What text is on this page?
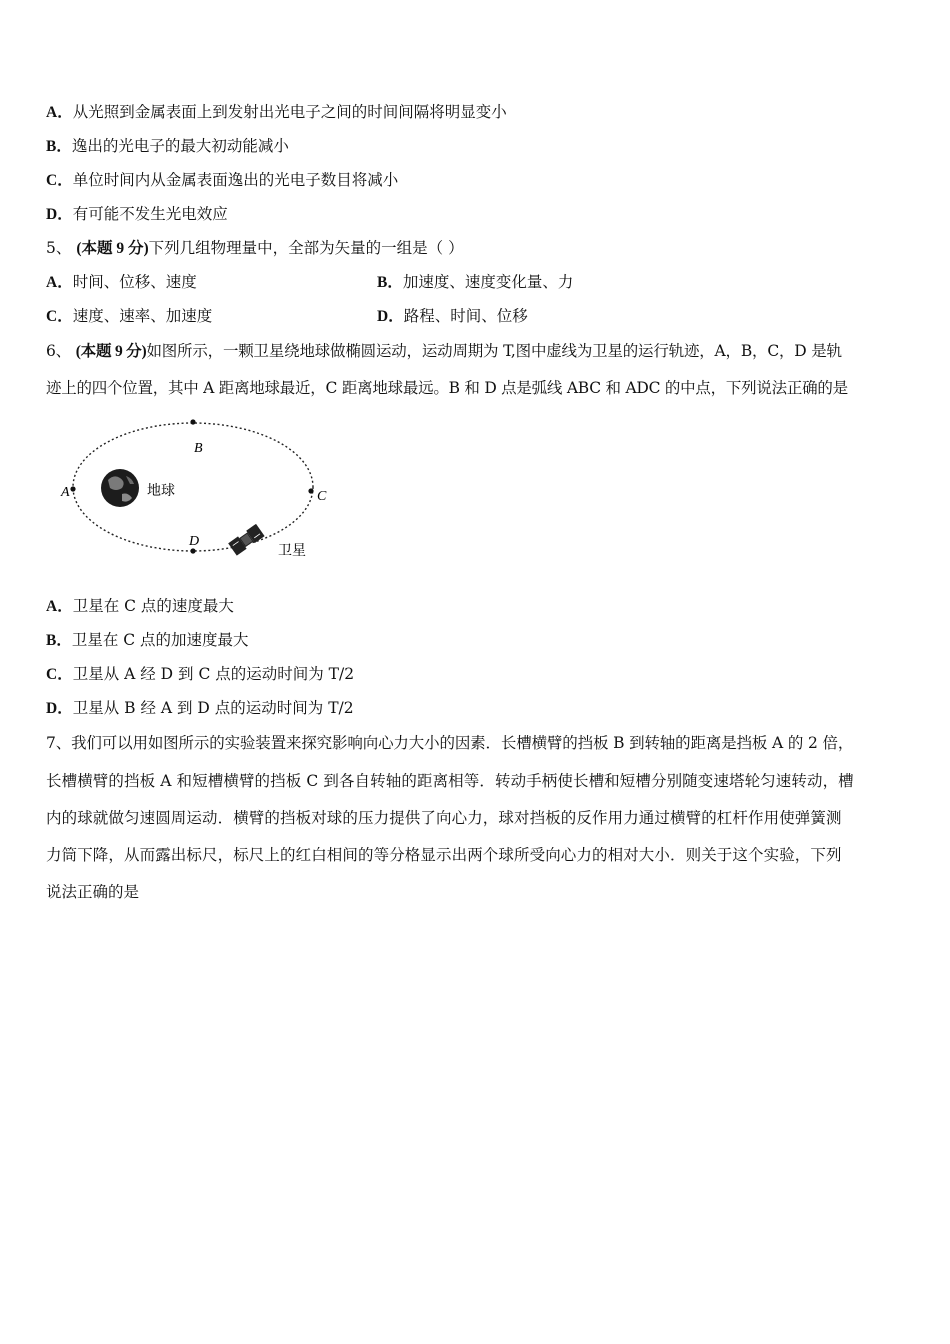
A．从光照到金属表面上到发射出光电子之间的时间间隔将明显变小
B．逸出的光电子的最大初动能减小
C．单位时间内从金属表面逸出的光电子数目将减小
D．有可能不发生光电效应
5、 (本题 9 分)下列几组物理量中，全部为矢量的一组是（ ）
A．时间、位移、速度	B．加速度、速度变化量、力
C．速度、速率、加速度	D．路程、时间、位移
6、 (本题 9 分)如图所示，一颗卫星绕地球做椭圆运动，运动周期为 T,图中虚线为卫星的运行轨迹，A，B，C，D 是轨
迹上的四个位置，其中 A 距离地球最近，C 距离地球最远。B 和 D 点是弧线 ABC 和 ADC 的中点，下列说法正确的是
A
B
C
D
地球
卫星
A．卫星在 C 点的速度最大
B．卫星在 C 点的加速度最大
C．卫星从 A 经 D 到 C 点的运动时间为 T/2
D．卫星从 B 经 A 到 D 点的运动时间为 T/2
7、我们可以用如图所示的实验装置来探究影响向心力大小的因素．长槽横臂的挡板 B 到转轴的距离是挡板 A 的 2 倍，
长槽横臂的挡板 A 和短槽横臂的挡板 C 到各自转轴的距离相等．转动手柄使长槽和短槽分别随变速塔轮匀速转动，槽
内的球就做匀速圆周运动．横臂的挡板对球的压力提供了向心力，球对挡板的反作用力通过横臂的杠杆作用使弹簧测
力筒下降，从而露出标尺，标尺上的红白相间的等分格显示出两个球所受向心力的相对大小．则关于这个实验，下列
说法正确的是
